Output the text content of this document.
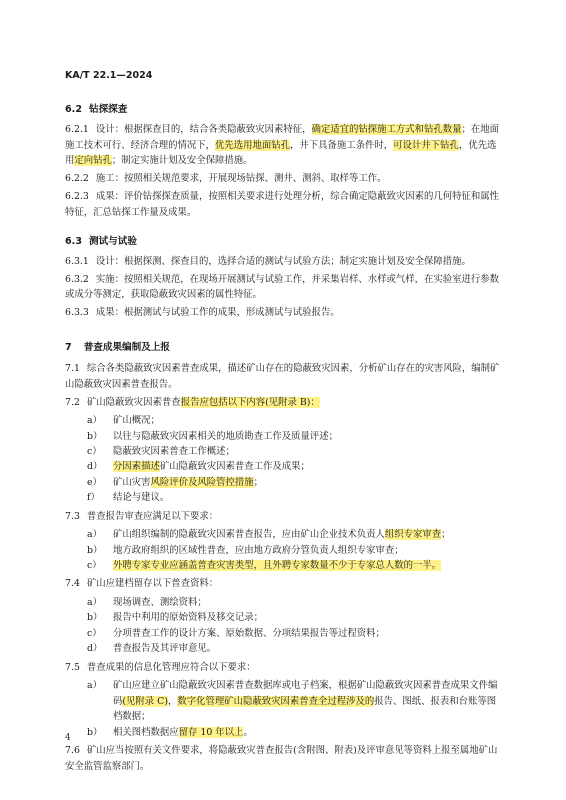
KA/T 22.1—2024

6.2 钻探探查

6.2.1 设计：根据探查目的，结合各类隐蔽致灾因素特征，确定适宜的钻探施工方式和钻孔数量；在地面施工技术可行、经济合理的情况下，优先选用地面钻孔，井下具备施工条件时，可设计井下钻孔，优先选用定向钻孔；制定实施计划及安全保障措施。

6.2.2 施工：按照相关规范要求，开展现场钻探、测井、测斜、取样等工作。

6.2.3 成果：评价钻探探查质量，按照相关要求进行处理分析，综合确定隐蔽致灾因素的几何特征和属性特征，汇总钻探工作量及成果。

6.3 测试与试验

6.3.1 设计：根据探测、探查目的，选择合适的测试与试验方法；制定实施计划及安全保障措施。

6.3.2 实施：按照相关规范，在现场开展测试与试验工作，并采集岩样、水样或气样，在实验室进行参数或成分等测定，获取隐蔽致灾因素的属性特征。

6.3.3 成果：根据测试与试验工作的成果，形成测试与试验报告。

7 普查成果编制及上报

7.1 综合各类隐蔽致灾因素普查成果，描述矿山存在的隐蔽致灾因素，分析矿山存在的灾害风险，编制矿山隐蔽致灾因素普查报告。

7.2 矿山隐蔽致灾因素普查报告应包括以下内容(见附录 B)：

a）	矿山概况；
b）	以往与隐蔽致灾因素相关的地质勘查工作及质量评述；
c）	隐蔽致灾因素普查工作概述；
d）	分因素描述矿山隐蔽致灾因素普查工作及成果；
e）	矿山灾害风险评价及风险管控措施；
f）	结论与建议。

7.3 普查报告审查应满足以下要求：

a）	矿山组织编制的隐蔽致灾因素普查报告，应由矿山企业技术负责人组织专家审查；
b）	地方政府组织的区域性普查，应由地方政府分管负责人组织专家审查；
c）	外聘专家专业应涵盖普查灾害类型，且外聘专家数量不少于专家总人数的一半。

7.4 矿山应建档留存以下普查资料：

a）	现场调查、测绘资料；
b）	报告中利用的原始资料及移交记录；
c）	分项普查工作的设计方案、原始数据、分项结果报告等过程资料；
d）	普查报告及其评审意见。

7.5 普查成果的信息化管理应符合以下要求：

a）	矿山应建立矿山隐蔽致灾因素普查数据库或电子档案，根据矿山隐蔽致灾因素普查成果文件编码(见附录 C)，数字化管理矿山隐蔽致灾因素普查全过程涉及的报告、图纸、报表和台账等图档数据；
b）	相关图档数据应留存 10 年以上。

7.6 矿山应当按照有关文件要求，将隐蔽致灾普查报告(含附图、附表)及评审意见等资料上报至属地矿山安全监管监察部门。

4
